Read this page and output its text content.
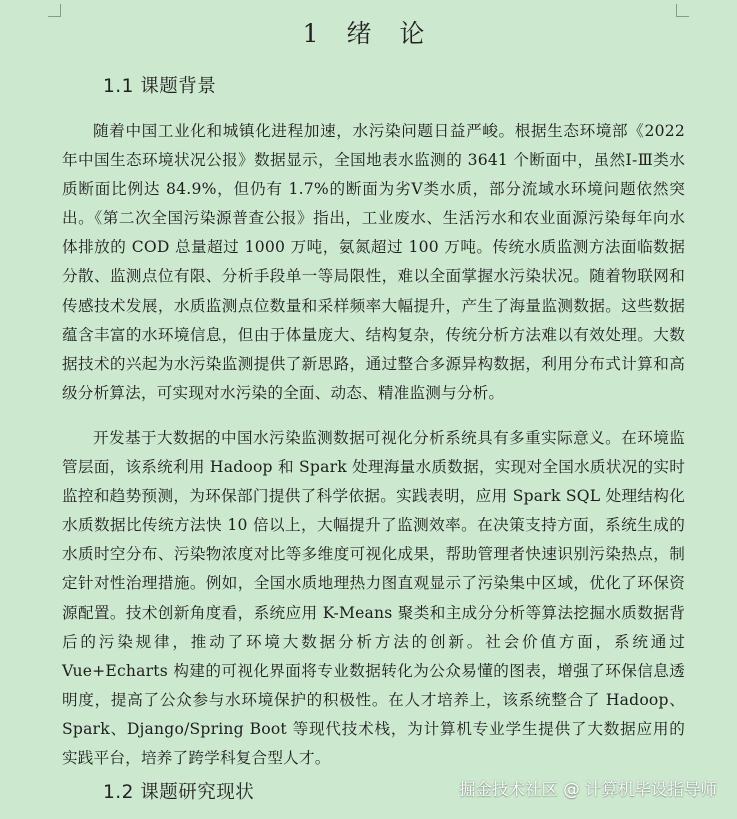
1 绪 论
1.1 课题背景

随着中国工业化和城镇化进程加速，水污染问题日益严峻。根据生态环境部《2022 年中国生态环境状况公报》数据显示，全国地表水监测的 3641 个断面中，虽然Ⅰ-Ⅲ类水质断面比例达 84.9%，但仍有 1.7%的断面为劣Ⅴ类水质，部分流域水环境问题依然突出。《第二次全国污染源普查公报》指出，工业废水、生活污水和农业面源污染每年向水体排放的 COD 总量超过 1000 万吨，氨氮超过 100 万吨。传统水质监测方法面临数据分散、监测点位有限、分析手段单一等局限性，难以全面掌握水污染状况。随着物联网和传感技术发展，水质监测点位数量和采样频率大幅提升，产生了海量监测数据。这些数据蕴含丰富的水环境信息，但由于体量庞大、结构复杂，传统分析方法难以有效处理。大数据技术的兴起为水污染监测提供了新思路，通过整合多源异构数据，利用分布式计算和高级分析算法，可实现对水污染的全面、动态、精准监测与分析。

开发基于大数据的中国水污染监测数据可视化分析系统具有多重实际意义。在环境监管层面，该系统利用 Hadoop 和 Spark 处理海量水质数据，实现对全国水质状况的实时监控和趋势预测，为环保部门提供了科学依据。实践表明，应用 Spark SQL 处理结构化水质数据比传统方法快 10 倍以上，大幅提升了监测效率。在决策支持方面，系统生成的水质时空分布、污染物浓度对比等多维度可视化成果，帮助管理者快速识别污染热点，制定针对性治理措施。例如，全国水质地理热力图直观显示了污染集中区域，优化了环保资源配置。技术创新角度看，系统应用 K-Means 聚类和主成分分析等算法挖掘水质数据背后的污染规律，推动了环境大数据分析方法的创新。社会价值方面，系统通过 Vue+Echarts 构建的可视化界面将专业数据转化为公众易懂的图表，增强了环保信息透明度，提高了公众参与水环境保护的积极性。在人才培养上，该系统整合了 Hadoop、Spark、Django/Spring Boot 等现代技术栈，为计算机专业学生提供了大数据应用的实践平台，培养了跨学科复合型人才。

1.2 课题研究现状	掘金技术社区 @ 计算机毕设指导师
